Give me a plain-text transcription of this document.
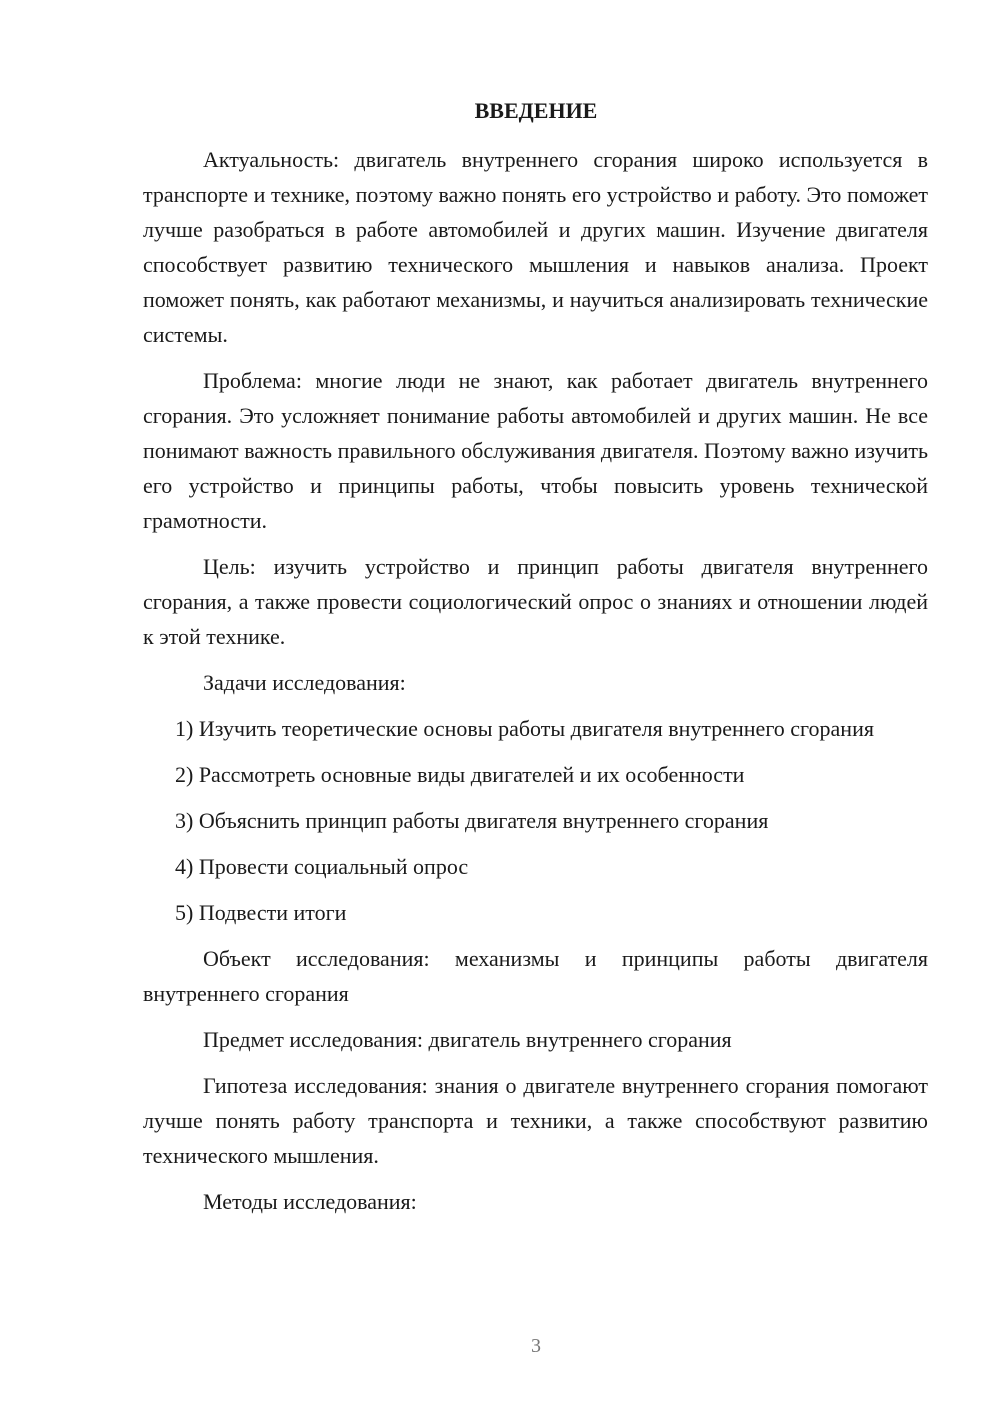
ВВЕДЕНИЕ

Актуальность: двигатель внутреннего сгорания широко используется в транспорте и технике, поэтому важно понять его устройство и работу. Это поможет лучше разобраться в работе автомобилей и других машин. Изучение двигателя способствует развитию технического мышления и навыков анализа. Проект поможет понять, как работают механизмы, и научиться анализировать технические системы.

Проблема: многие люди не знают, как работает двигатель внутреннего сгорания. Это усложняет понимание работы автомобилей и других машин. Не все понимают важность правильного обслуживания двигателя. Поэтому важно изучить его устройство и принципы работы, чтобы повысить уровень технической грамотности.

Цель: изучить устройство и принцип работы двигателя внутреннего сгорания, а также провести социологический опрос о знаниях и отношении людей к этой технике.

Задачи исследования:

1) Изучить теоретические основы работы двигателя внутреннего сгорания

2) Рассмотреть основные виды двигателей и их особенности

3) Объяснить принцип работы двигателя внутреннего сгорания

4) Провести социальный опрос

5) Подвести итоги

Объект исследования: механизмы и принципы работы двигателя внутреннего сгорания

Предмет исследования: двигатель внутреннего сгорания

Гипотеза исследования: знания о двигателе внутреннего сгорания помогают лучше понять работу транспорта и техники, а также способствуют развитию технического мышления.

Методы исследования:

3
